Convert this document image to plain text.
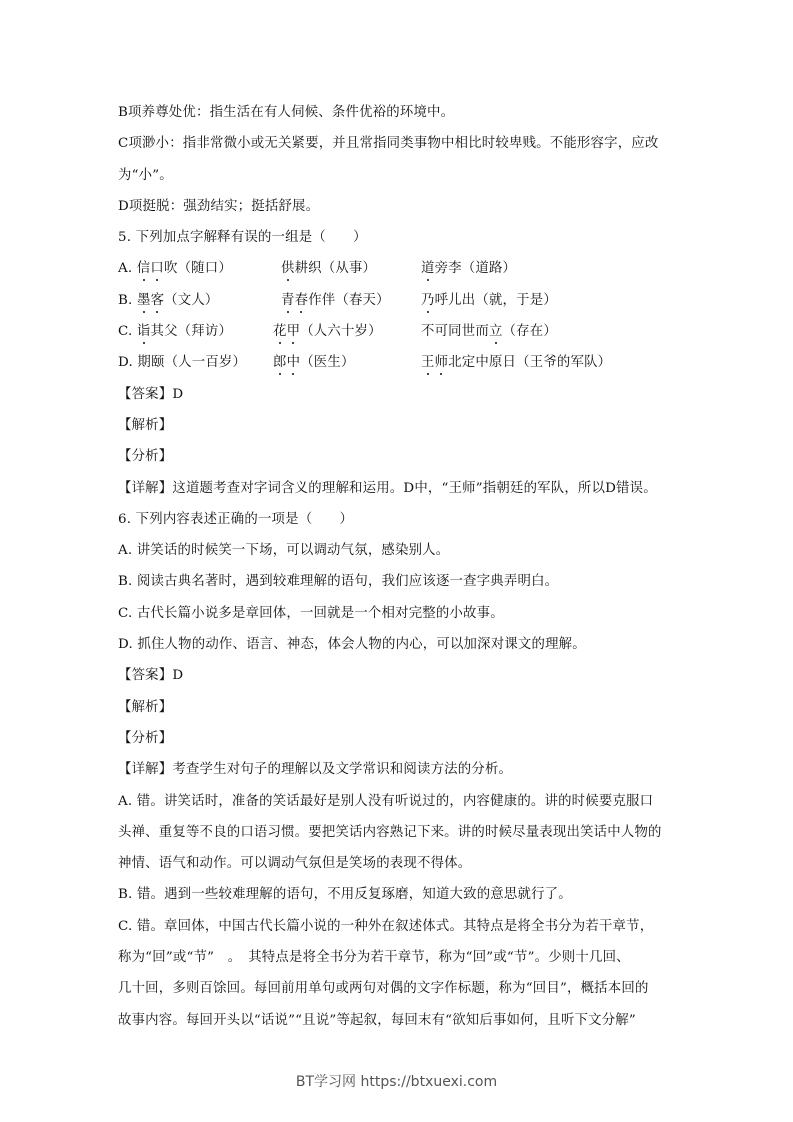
B项养尊处优：指生活在有人伺候、条件优裕的环境中。
C项渺小：指非常微小或无关紧要，并且常指同类事物中相比时较卑贱。不能形容字，应改
为“小”。
D项挺脱：强劲结实；挺括舒展。
5. 下列加点字解释有误的一组是（　　）
A. 信口吹（随口）	供耕织（从事）	道旁李（道路）
B. 墨客（文人）	青春作伴（春天）	乃呼儿出（就，于是）
C. 诣其父（拜访）	花甲（人六十岁）	不可同世而立（存在）
D. 期颐（人一百岁）	郎中（医生）	王师北定中原日（王爷的军队）
【答案】D
【解析】
【分析】
【详解】这道题考查对字词含义的理解和运用。D中，“王师”指朝廷的军队，所以D错误。
6. 下列内容表述正确的一项是（　　）
A. 讲笑话的时候笑一下场，可以调动气氛，感染别人。
B. 阅读古典名著时，遇到较难理解的语句，我们应该逐一查字典弄明白。
C. 古代长篇小说多是章回体，一回就是一个相对完整的小故事。
D. 抓住人物的动作、语言、神态，体会人物的内心，可以加深对课文的理解。
【答案】D
【解析】
【分析】
【详解】考查学生对句子的理解以及文学常识和阅读方法的分析。
A. 错。讲笑话时，准备的笑话最好是别人没有听说过的，内容健康的。讲的时候要克服口
头禅、重复等不良的口语习惯。要把笑话内容熟记下来。讲的时候尽量表现出笑话中人物的
神情、语气和动作。可以调动气氛但是笑场的表现不得体。
B. 错。遇到一些较难理解的语句，不用反复琢磨，知道大致的意思就行了。
C. 错。章回体，中国古代长篇小说的一种外在叙述体式。其特点是将全书分为若干章节，
称为“回”或“节”　。　其特点是将全书分为若干章节，称为“回”或“节”。少则十几回、
几十回，多则百馀回。每回前用单句或两句对偶的文字作标题，称为“回目”，概括本回的
故事内容。每回开头以“话说”“且说”等起叙，每回末有“欲知后事如何，且听下文分解”
BT学习网 https://btxuexi.com
